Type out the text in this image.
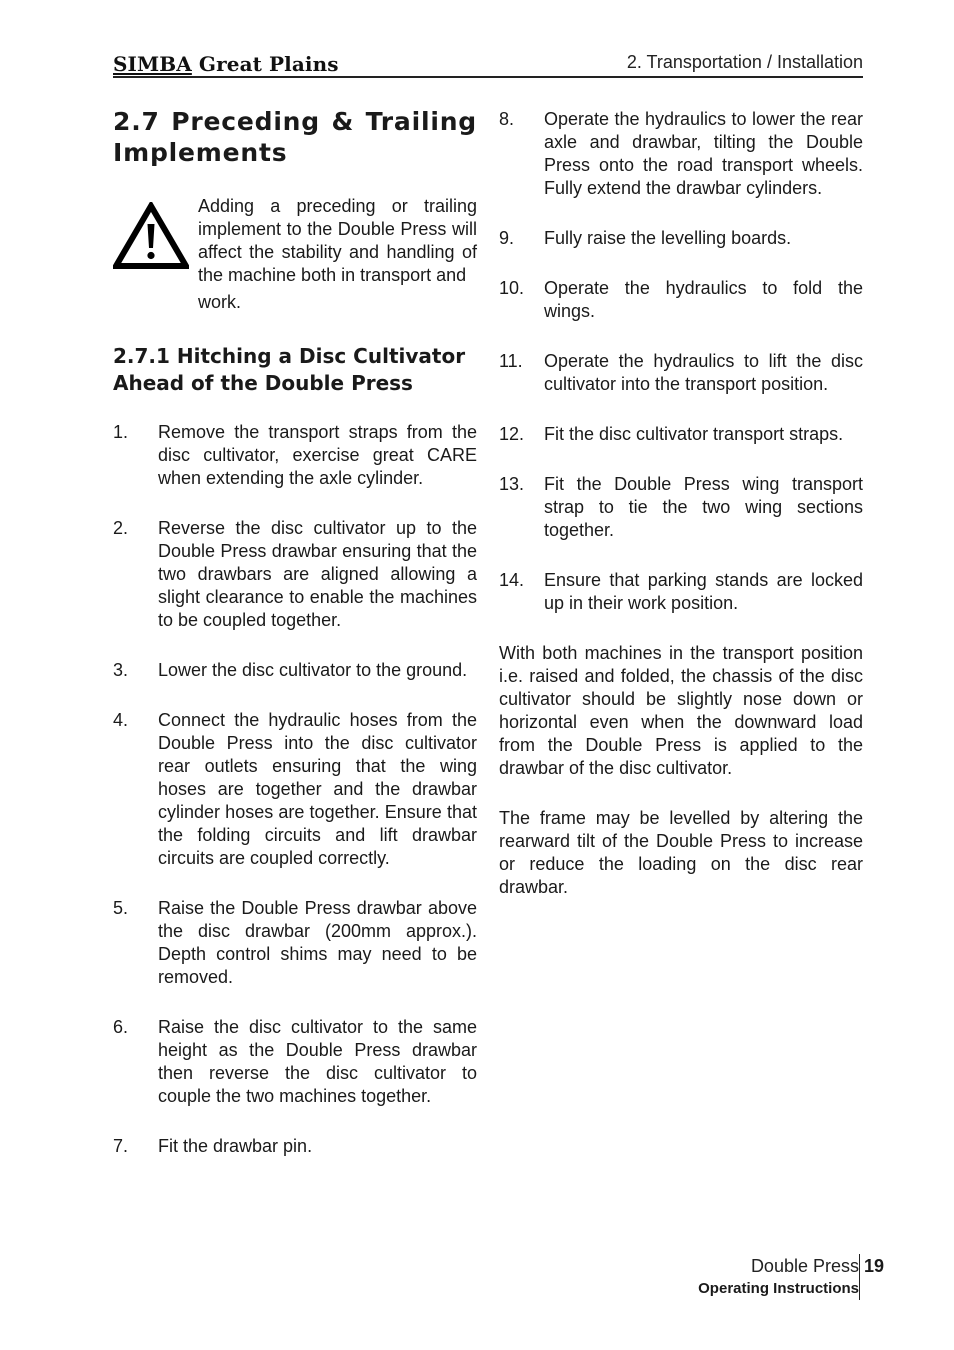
SIMBA Great Plains	2. Transportation / Installation
2.7 Preceding & Trailing Implements
Adding a preceding or trailing implement to the Double Press will affect the stability and handling of the machine both in transport and
work.
2.7.1 Hitching a Disc Cultivator Ahead of the Double Press
1. Remove the transport straps from the disc cultivator, exercise great CARE when extending the axle cylinder.
2. Reverse the disc cultivator up to the Double Press drawbar ensuring that the two drawbars are aligned allowing a slight clearance to enable the machines to be coupled together.
3. Lower the disc cultivator to the ground.
4. Connect the hydraulic hoses from the Double Press into the disc cultivator rear outlets ensuring that the wing hoses are together and the drawbar cylinder hoses are together. Ensure that the folding circuits and lift drawbar circuits are coupled correctly.
5. Raise the Double Press drawbar above the disc drawbar (200mm approx.). Depth control shims may need to be removed.
6. Raise the disc cultivator to the same height as the Double Press drawbar then reverse the disc cultivator to couple the two machines together.
7. Fit the drawbar pin.
8. Operate the hydraulics to lower the rear axle and drawbar, tilting the Double Press onto the road transport wheels. Fully extend the drawbar cylinders.
9. Fully raise the levelling boards.
10. Operate the hydraulics to fold the wings.
11. Operate the hydraulics to lift the disc cultivator into the transport position.
12. Fit the disc cultivator transport straps.
13. Fit the Double Press wing transport strap to tie the two wing sections together.
14. Ensure that parking stands are locked up in their work position.

With both machines in the transport position i.e. raised and folded, the chassis of the disc cultivator should be slightly nose down or horizontal even when the downward load from the Double Press is applied to the drawbar of the disc cultivator.

The frame may be levelled by altering the rearward tilt of the Double Press to increase or reduce the loading on the disc rear drawbar.

Double Press
Operating Instructions
19
